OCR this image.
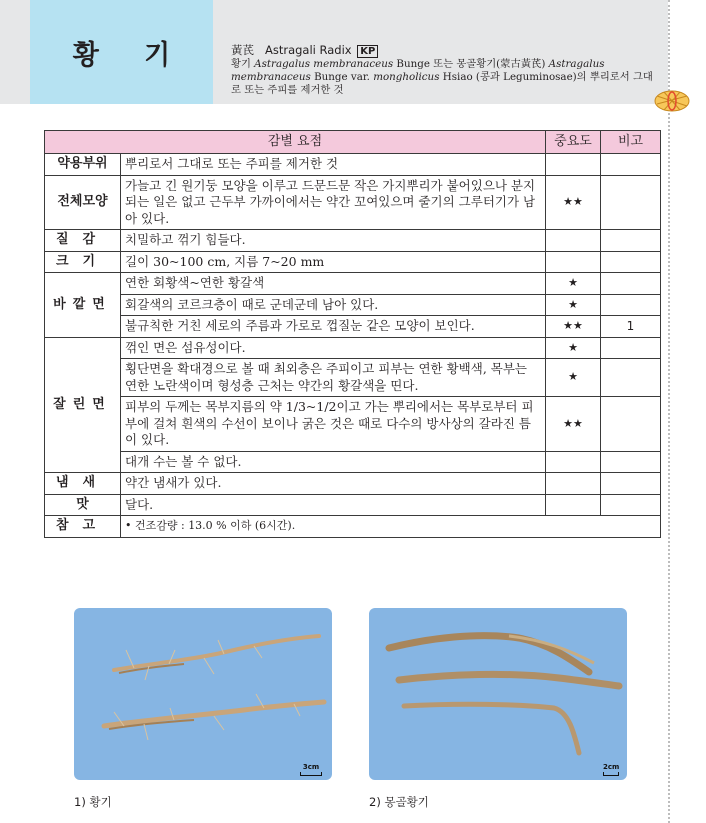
황 기	黃芪 Astragali Radix KP
황기 Astragalus membranaceus Bunge 또는 몽골황기(蒙古黃芪) Astragalus membranaceus Bunge var. mongholicus Hsiao (콩과 Leguminosae)의 뿌리로서 그대로 또는 주피를 제거한 것
감별 요점		중요도	비고
약용부위	뿌리로서 그대로 또는 주피를 제거한 것		
전체모양	가늘고 긴 원기둥 모양을 이루고 드문드문 작은 가지뿌리가 붙어있으나 분지되는 일은 없고 근두부 가까이에서는 약간 꼬여있으며 줄기의 그루터기가 남아 있다.	★★	
질감	치밀하고 꺾기 힘들다.		
크기	길이 30~100 cm, 지름 7~20 mm		
바깥면	연한 회황색~연한 황갈색	★	
	회갈색의 코르크층이 때로 군데군데 남아 있다.	★	
	불규칙한 거친 세로의 주름과 가로로 껍질눈 같은 모양이 보인다.	★★	1
잘린면	꺾인 면은 섬유성이다.	★	
	횡단면을 확대경으로 볼 때 최외층은 주피이고 피부는 연한 황백색, 목부는 연한 노란색이며 형성층 근처는 약간의 황갈색을 띤다.	★	
	피부의 두께는 목부지름의 약 1/3~1/2이고 가는 뿌리에서는 목부로부터 피부에 걸쳐 흰색의 수선이 보이나 굵은 것은 때로 다수의 방사상의 갈라진 틈이 있다.	★★	
	대개 수는 볼 수 없다.		
냄새	약간 냄새가 있다.		
맛	달다.		
참고	• 건조감량 : 13.0 % 이하 (6시간).		
3cm	2cm
1) 황기	2) 몽골황기
